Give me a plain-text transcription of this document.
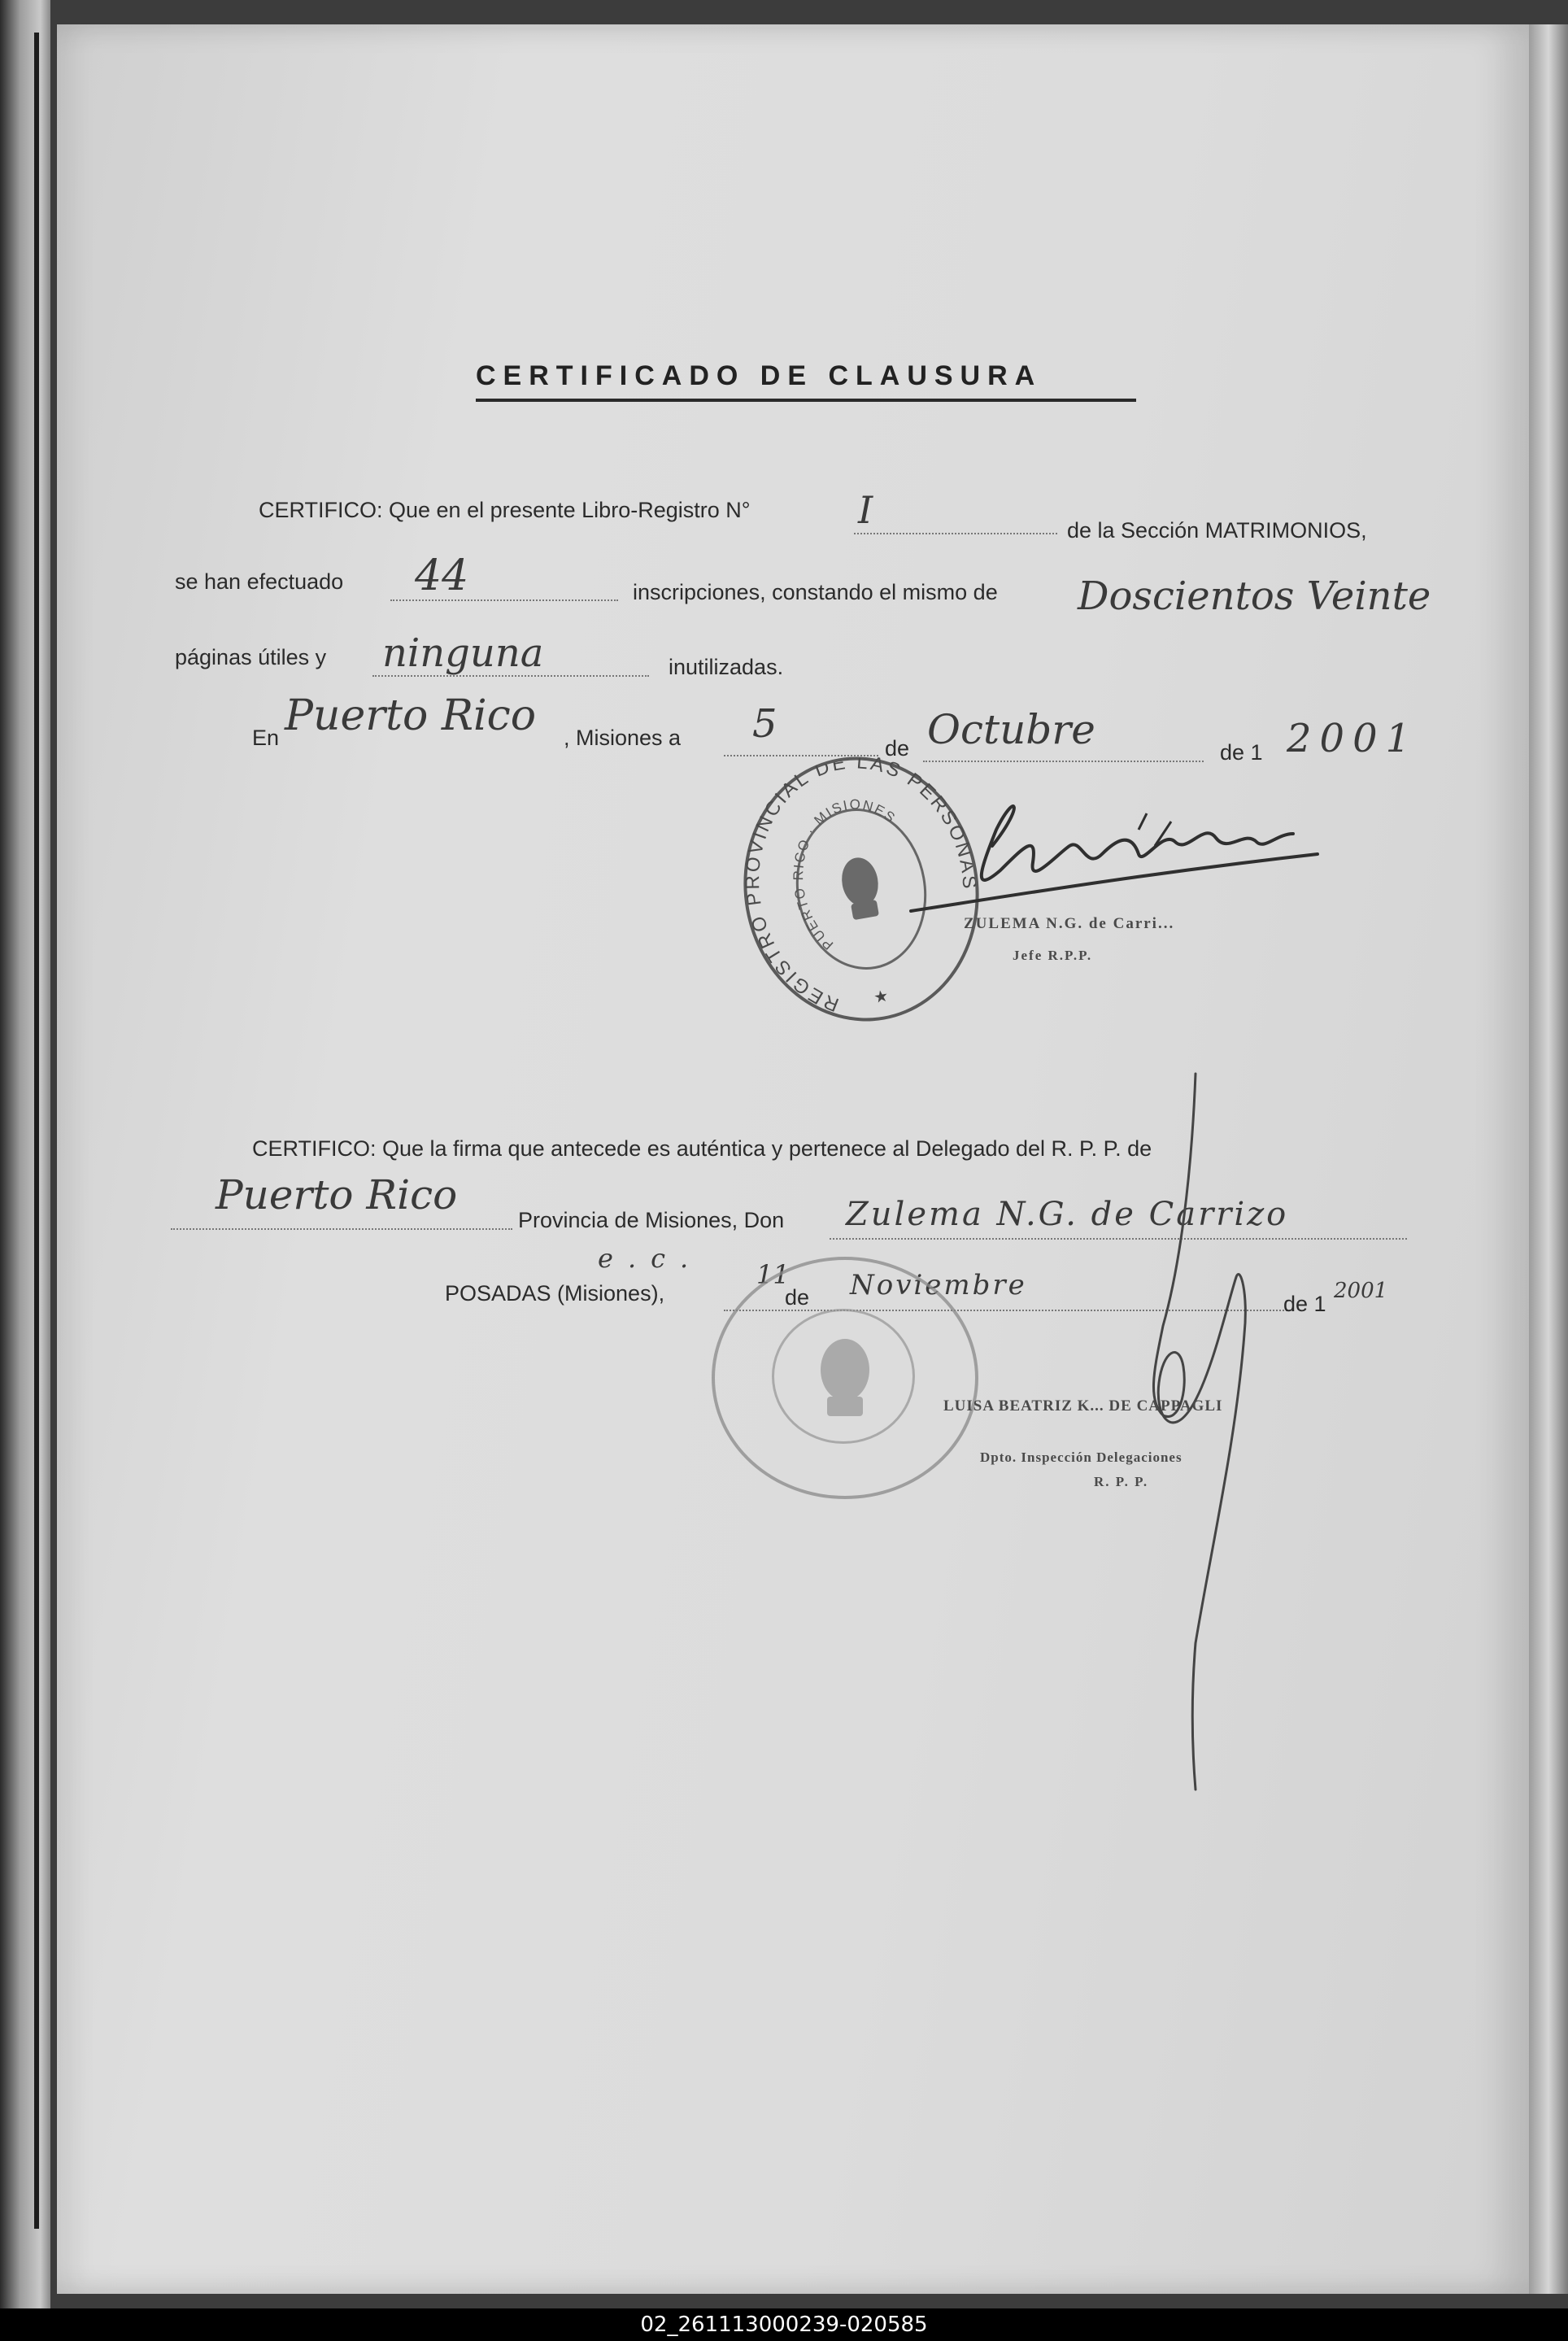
CERTIFICADO DE CLAUSURA
CERTIFICO: Que en el presente Libro-Registro N°	I	de la Sección MATRIMONIOS,
se han efectuado 44	inscripciones, constando el mismo de Doscientos Veinte
páginas útiles y ninguna	inutilizadas.
En Puerto Rico , Misiones a 5
de Octubre	de 1 2001
REGISTRO PROVINCIAL DE LAS PERSONAS
PUERTO RICO · MISIONES
★
ZULEMA N.G. de Carri...
Jefe R.P.P.
CERTIFICO: Que la firma que antecede es auténtica y pertenece al Delegado del R. P. P. de
Puerto Rico
Provincia de Misiones, Don Zulema N.G. de Carrizo
e.c.
POSADAS (Misiones),
11
de Noviembre
de 1
2001
LUISA BEATRIZ K... DE CAPPAGLI
Dpto. Inspección Delegaciones
R. P. P.
02_261113000239-020585
